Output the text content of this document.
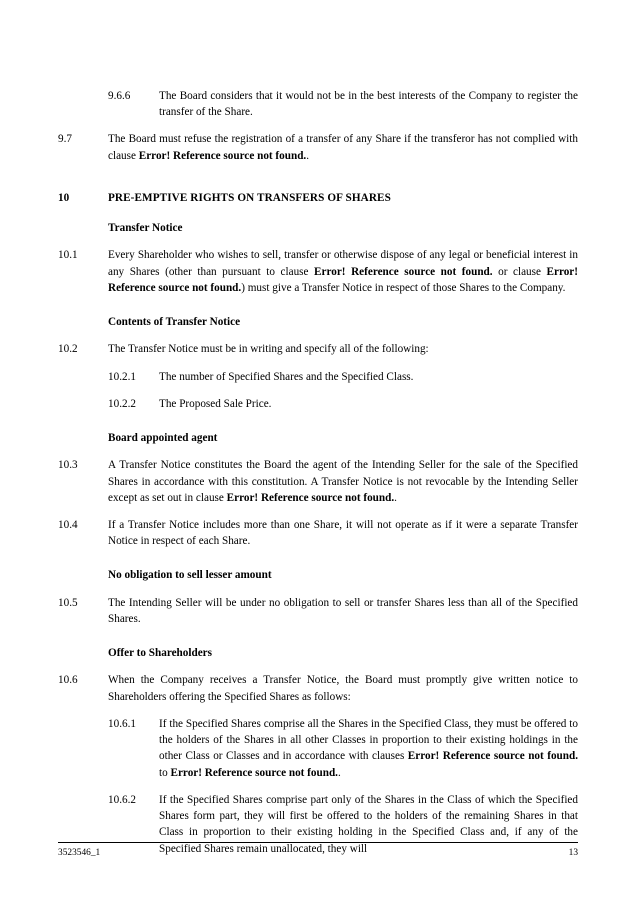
9.6.6	The Board considers that it would not be in the best interests of the Company to register the transfer of the Share.
9.7	The Board must refuse the registration of a transfer of any Share if the transferor has not complied with clause Error! Reference source not found..
10	PRE-EMPTIVE RIGHTS ON TRANSFERS OF SHARES
Transfer Notice
10.1	Every Shareholder who wishes to sell, transfer or otherwise dispose of any legal or beneficial interest in any Shares (other than pursuant to clause Error! Reference source not found. or clause Error! Reference source not found.) must give a Transfer Notice in respect of those Shares to the Company.
Contents of Transfer Notice
10.2	The Transfer Notice must be in writing and specify all of the following:
10.2.1	The number of Specified Shares and the Specified Class.
10.2.2	The Proposed Sale Price.
Board appointed agent
10.3	A Transfer Notice constitutes the Board the agent of the Intending Seller for the sale of the Specified Shares in accordance with this constitution. A Transfer Notice is not revocable by the Intending Seller except as set out in clause Error! Reference source not found..
10.4	If a Transfer Notice includes more than one Share, it will not operate as if it were a separate Transfer Notice in respect of each Share.
No obligation to sell lesser amount
10.5	The Intending Seller will be under no obligation to sell or transfer Shares less than all of the Specified Shares.
Offer to Shareholders
10.6	When the Company receives a Transfer Notice, the Board must promptly give written notice to Shareholders offering the Specified Shares as follows:
10.6.1	If the Specified Shares comprise all the Shares in the Specified Class, they must be offered to the holders of the Shares in all other Classes in proportion to their existing holdings in the other Class or Classes and in accordance with clauses Error! Reference source not found. to Error! Reference source not found..
10.6.2	If the Specified Shares comprise part only of the Shares in the Class of which the Specified Shares form part, they will first be offered to the holders of the remaining Shares in that Class in proportion to their existing holding in the Specified Class and, if any of the Specified Shares remain unallocated, they will
3523546_1	13
